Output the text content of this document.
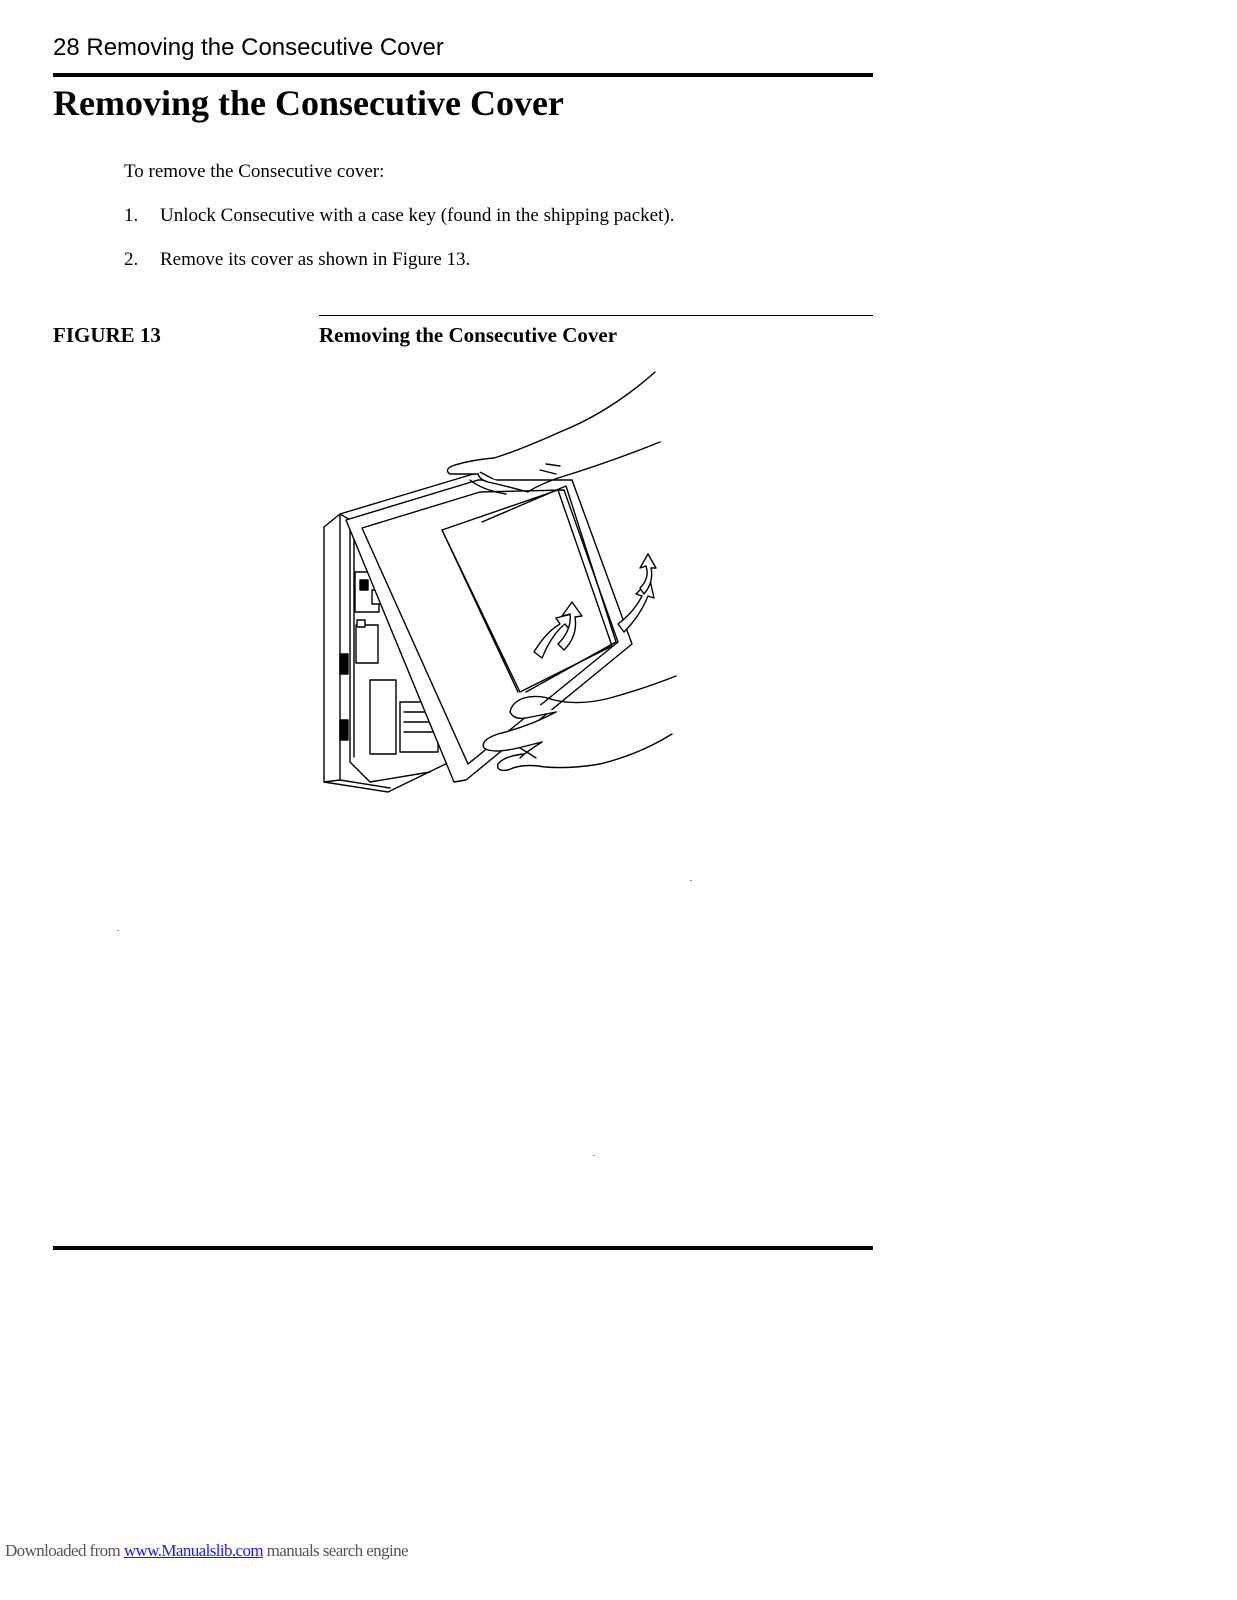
28 Removing the Consecutive Cover
Removing the Consecutive Cover
To remove the Consecutive cover:
1. Unlock Consecutive with a case key (found in the shipping packet).
2. Remove its cover as shown in Figure 13.
FIGURE 13	Removing the Consecutive Cover
Downloaded from www.Manualslib.com manuals search engine
